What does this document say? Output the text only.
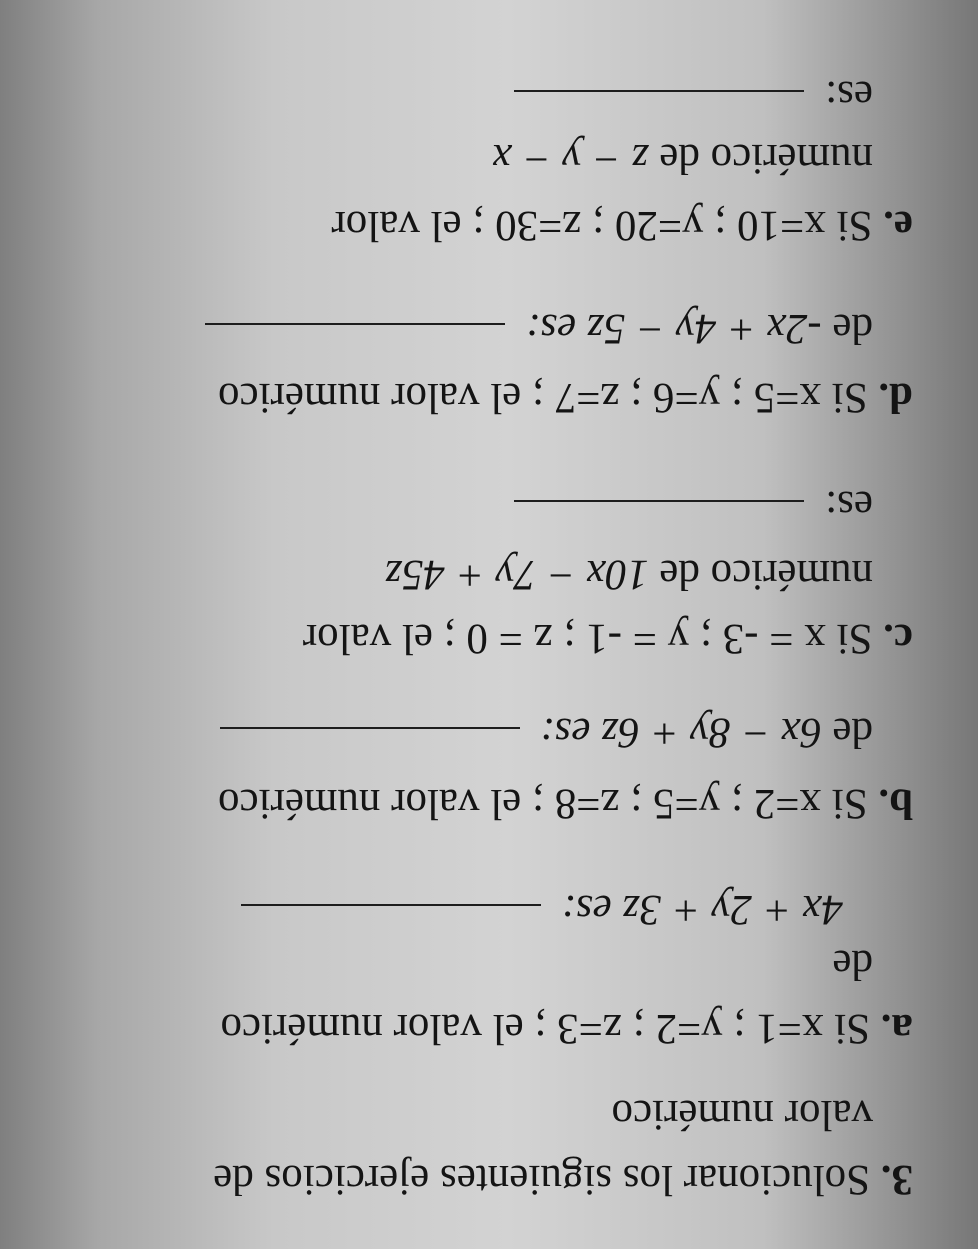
3. Solucionar los siguientes ejercicios de
valor numérico
a. Si x=1 ; y=2 ; z=3 ; el valor numérico
de
4x + 2y + 3z es:
b. Si x=2 ; y=5 ; z=8 ; el valor numérico
de 6x − 8y + 6z es:
c. Si x = -3 ; y = -1 ; z = 0 ; el valor
numérico de 10x − 7y + 45z
es:
d. Si x=5 ; y=6 ; z=7 ; el valor numérico
de -2x + 4y − 5z es:
e. Si x=10 ; y=20 ; z=30 ; el valor
numérico de z − y − x
es:
